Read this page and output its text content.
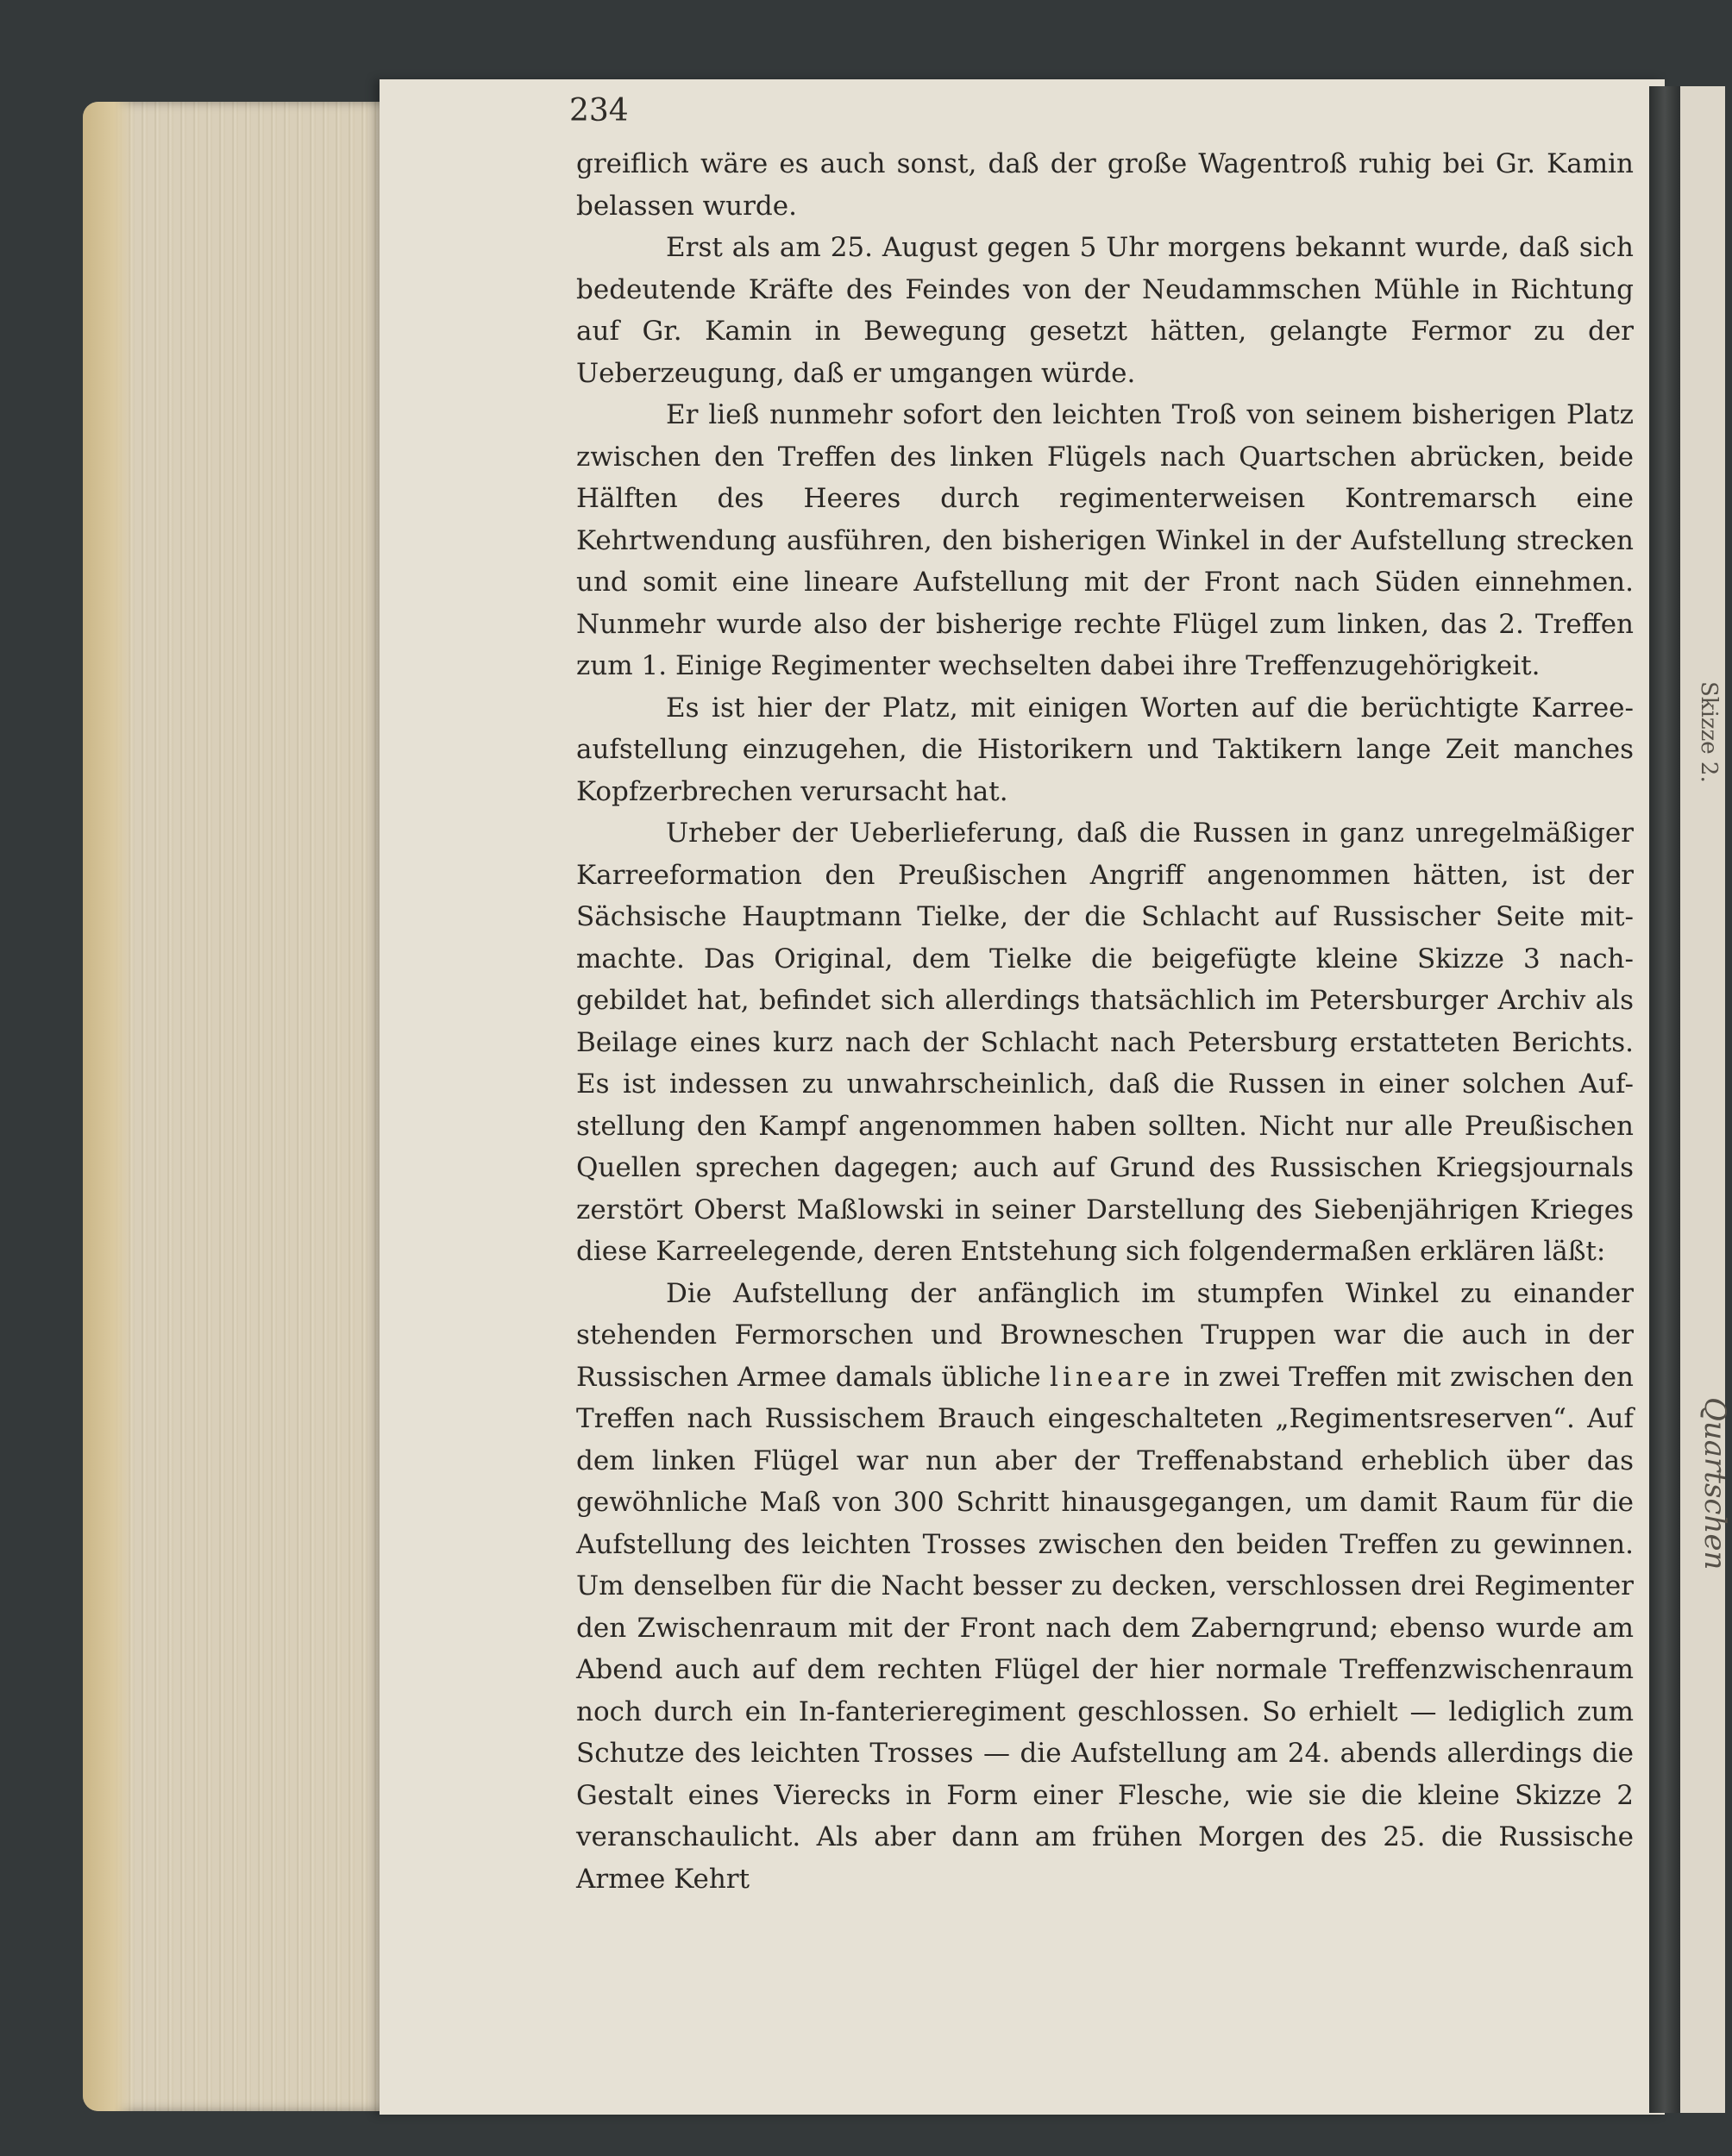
Skizze 2.
Quartschen
234

greiflich wäre es auch sonst, daß der große Wagentroß ruhig bei Gr. Kamin belassen wurde.

Erst als am 25. August gegen 5 Uhr morgens bekannt wurde, daß sich bedeutende Kräfte des Feindes von der Neudammschen Mühle in Richtung auf Gr. Kamin in Bewegung gesetzt hätten, gelangte Fermor zu der Ueberzeugung, daß er umgangen würde.

Er ließ nunmehr sofort den leichten Troß von seinem bisherigen Platz zwischen den Treffen des linken Flügels nach Quartschen abrücken, beide Hälften des Heeres durch regimenterweisen Kontremarsch eine Kehrtwendung ausführen, den bisherigen Winkel in der Aufstellung strecken und somit eine lineare Aufstellung mit der Front nach Süden einnehmen. Nunmehr wurde also der bisherige rechte Flügel zum linken, das 2. Treffen zum 1. Einige Regimenter wechselten dabei ihre Treffenzugehörigkeit.

Es ist hier der Platz, mit einigen Worten auf die berüchtigte Karree-aufstellung einzugehen, die Historikern und Taktikern lange Zeit manches Kopfzerbrechen verursacht hat.

Urheber der Ueberlieferung, daß die Russen in ganz unregelmäßiger Karreeformation den Preußischen Angriff angenommen hätten, ist der Sächsische Hauptmann Tielke, der die Schlacht auf Russischer Seite mit-machte. Das Original, dem Tielke die beigefügte kleine Skizze 3 nach-gebildet hat, befindet sich allerdings thatsächlich im Petersburger Archiv als Beilage eines kurz nach der Schlacht nach Petersburg erstatteten Berichts. Es ist indessen zu unwahrscheinlich, daß die Russen in einer solchen Auf-stellung den Kampf angenommen haben sollten. Nicht nur alle Preußischen Quellen sprechen dagegen; auch auf Grund des Russischen Kriegsjournals zerstört Oberst Maßlowski in seiner Darstellung des Siebenjährigen Krieges diese Karreelegende, deren Entstehung sich folgendermaßen erklären läßt:

Die Aufstellung der anfänglich im stumpfen Winkel zu einander stehenden Fermorschen und Browneschen Truppen war die auch in der Russischen Armee damals übliche lineare in zwei Treffen mit zwischen den Treffen nach Russischem Brauch eingeschalteten „Regimentsreserven“. Auf dem linken Flügel war nun aber der Treffenabstand erheblich über das gewöhnliche Maß von 300 Schritt hinausgegangen, um damit Raum für die Aufstellung des leichten Trosses zwischen den beiden Treffen zu gewinnen. Um denselben für die Nacht besser zu decken, verschlossen drei Regimenter den Zwischenraum mit der Front nach dem Zaberngrund; ebenso wurde am Abend auch auf dem rechten Flügel der hier normale Treffenzwischenraum noch durch ein In-fanterieregiment geschlossen. So erhielt — lediglich zum Schutze des leichten Trosses — die Aufstellung am 24. abends allerdings die Gestalt eines Vierecks in Form einer Flesche, wie sie die kleine Skizze 2 veranschaulicht. Als aber dann am frühen Morgen des 25. die Russische Armee Kehrt
